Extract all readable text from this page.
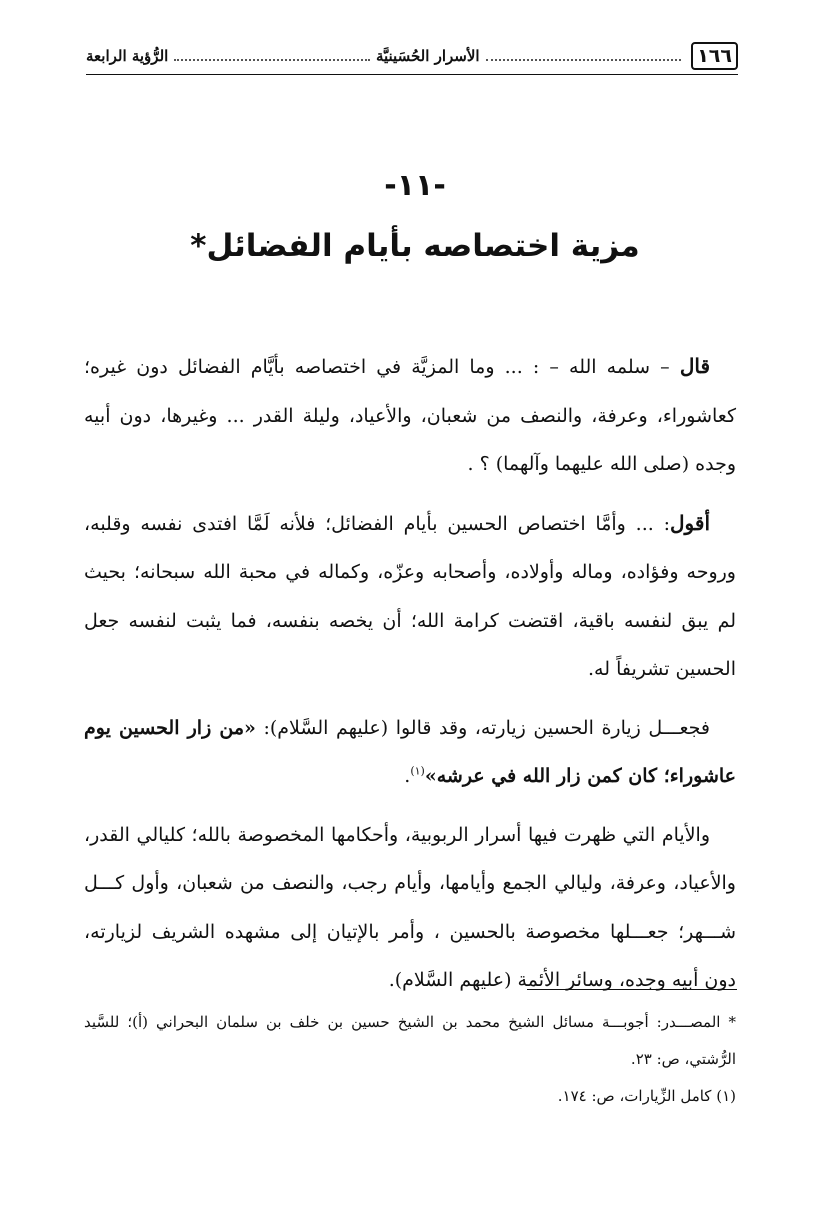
١٦٦
الأسرار الحُسَينيَّة
الرُّؤية الرابعة
-١١-
مزية اختصاصه بأيام الفضائل*

قال – سلمه الله – : ... وما المزيَّة في اختصاصه بأيَّام الفضائل دون غيره؛ كعاشوراء، وعرفة، والنصف من شعبان، والأعياد، وليلة القدر ... وغيرها، دون أبيه وجده (صلى الله عليهما وآلهما) ؟ .

أقول: ... وأمَّا اختصاص الحسين بأيام الفضائل؛ فلأنه لَمَّا افتدى نفسه وقلبه، وروحه وفؤاده، وماله وأولاده، وأصحابه وعزّه، وكماله في محبة الله سبحانه؛ بحيث لم يبق لنفسه باقية، اقتضت كرامة الله؛ أن يخصه بنفسه، فما يثبت لنفسه جعل الحسين تشريفاً له.

فجعـــل زيارة الحسين زيارته، وقد قالوا (عليهم السَّلام): «من زار الحسين يوم عاشوراء؛ كان كمن زار الله في عرشه»$^{(١)}$.

والأيام التي ظهرت فيها أسرار الربوبية، وأحكامها المخصوصة بالله؛ كليالي القدر، والأعياد، وعرفة، وليالي الجمع وأيامها، وأيام رجب، والنصف من شعبان، وأول كـــل شـــهر؛ جعـــلها مخصوصة بالحسين ، وأمر بالإتيان إلى مشهده الشريف لزيارته، دون أبيه وجده، وسائر الأئمة (عليهم السَّلام).

* المصـــدر: أجوبـــة مسائل الشيخ محمد بن الشيخ حسين بن خلف بن سلمان البحراني (أ)؛ للسَّيد الرُّشتي، ص: ٢٣.

(١) كامل الزِّيارات، ص: ١٧٤.
